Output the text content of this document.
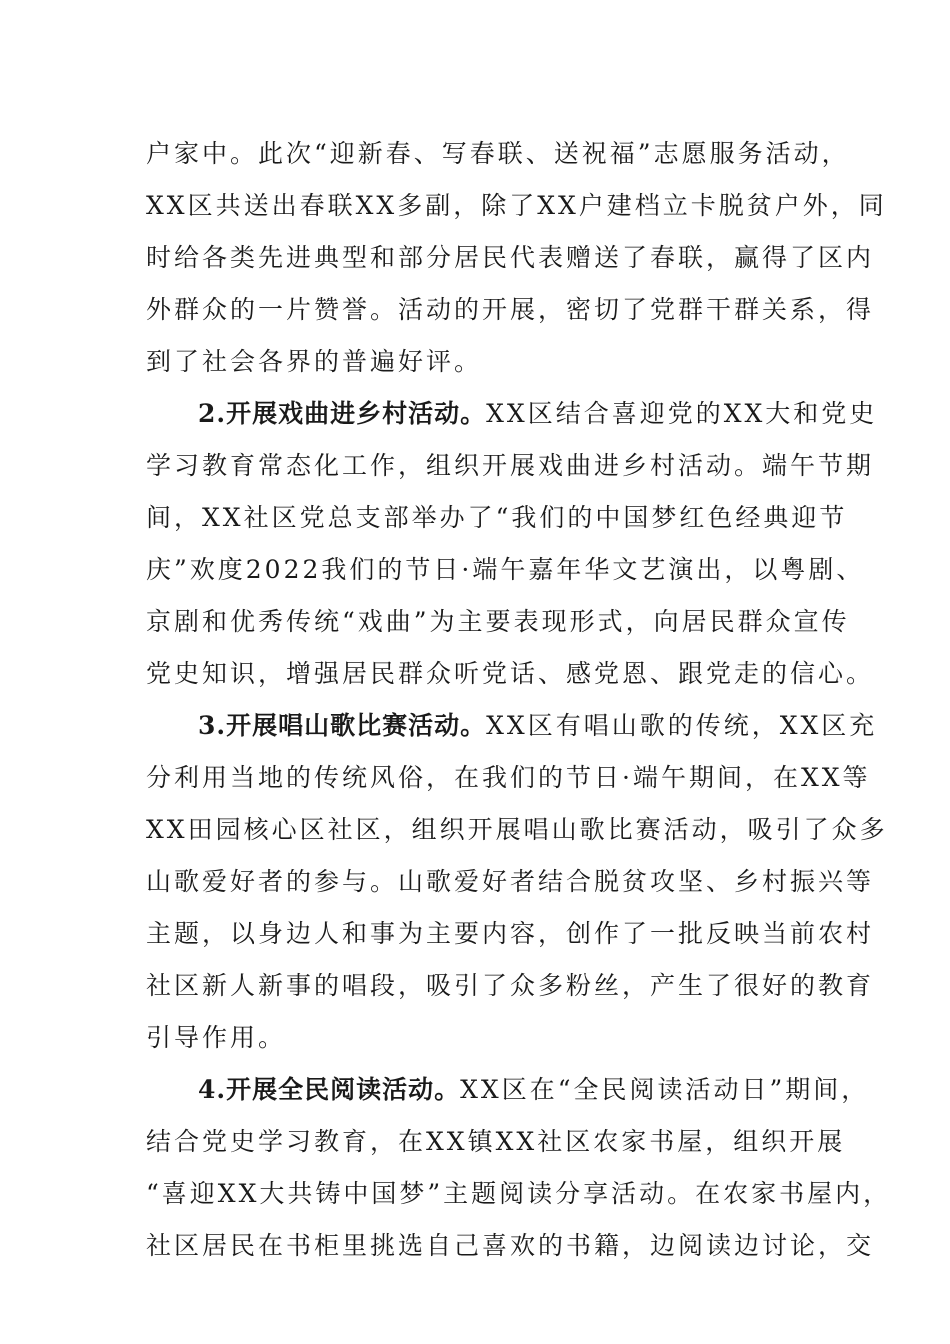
户家中。此次“迎新春、写春联、送祝福”志愿服务活动，
XX区共送出春联XX多副，除了XX户建档立卡脱贫户外，同
时给各类先进典型和部分居民代表赠送了春联，赢得了区内
外群众的一片赞誉。活动的开展，密切了党群干群关系，得
到了社会各界的普遍好评。
2.开展戏曲进乡村活动。XX区结合喜迎党的XX大和党史
学习教育常态化工作，组织开展戏曲进乡村活动。端午节期
间，XX社区党总支部举办了“我们的中国梦红色经典迎节
庆”欢度2022我们的节日·端午嘉年华文艺演出，以粤剧、
京剧和优秀传统“戏曲”为主要表现形式，向居民群众宣传
党史知识，增强居民群众听党话、感党恩、跟党走的信心。
3.开展唱山歌比赛活动。XX区有唱山歌的传统，XX区充
分利用当地的传统风俗，在我们的节日·端午期间，在XX等
XX田园核心区社区，组织开展唱山歌比赛活动，吸引了众多
山歌爱好者的参与。山歌爱好者结合脱贫攻坚、乡村振兴等
主题，以身边人和事为主要内容，创作了一批反映当前农村
社区新人新事的唱段，吸引了众多粉丝，产生了很好的教育
引导作用。
4.开展全民阅读活动。XX区在“全民阅读活动日”期间，
结合党史学习教育，在XX镇XX社区农家书屋，组织开展
“喜迎XX大共铸中国梦”主题阅读分享活动。在农家书屋内，
社区居民在书柜里挑选自己喜欢的书籍，边阅读边讨论，交
